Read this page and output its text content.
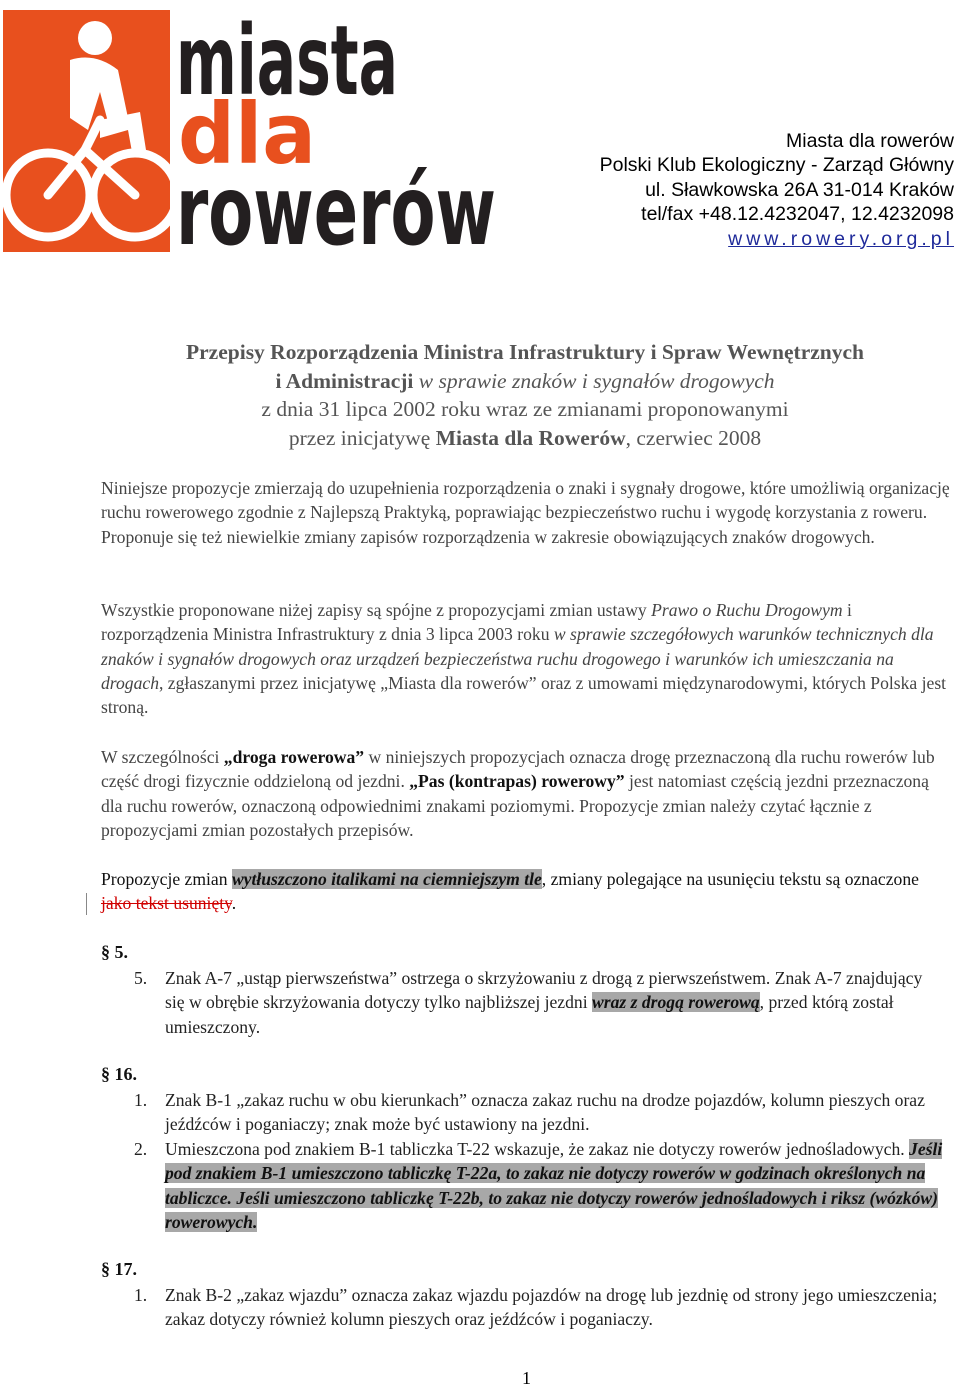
miasta
dla
rowerów
Miasta dla rowerów
Polski Klub Ekologiczny - Zarząd Główny
ul. Sławkowska 26A 31-014 Kraków
tel/fax +48.12.4232047, 12.4232098
www.rowery.org.pl
Przepisy Rozporządzenia Ministra Infrastruktury i Spraw Wewnętrznych
i Administracji w sprawie znaków i sygnałów drogowych
z dnia 31 lipca 2002 roku wraz ze zmianami proponowanymi
przez inicjatywę Miasta dla Rowerów, czerwiec 2008
Niniejsze propozycje zmierzają do uzupełnienia rozporządzenia o znaki i sygnały drogowe, które umożliwią organizację ruchu rowerowego zgodnie z Najlepszą Praktyką, poprawiając bezpieczeństwo ruchu i wygodę korzystania z roweru. Proponuje się też niewielkie zmiany zapisów rozporządzenia w zakresie obowiązujących znaków drogowych.
Wszystkie proponowane niżej zapisy są spójne z propozycjami zmian ustawy Prawo o Ruchu Drogowym i rozporządzenia Ministra Infrastruktury z dnia 3 lipca 2003 roku w sprawie szczegółowych warunków technicznych dla znaków i sygnałów drogowych oraz urządzeń bezpieczeństwa ruchu drogowego i warunków ich umieszczania na drogach, zgłaszanymi przez inicjatywę „Miasta dla rowerów” oraz z umowami międzynarodowymi, których Polska jest stroną.
W szczególności „droga rowerowa” w niniejszych propozycjach oznacza drogę przeznaczoną dla ruchu rowerów lub część drogi fizycznie oddzieloną od jezdni. „Pas (kontrapas) rowerowy” jest natomiast częścią jezdni przeznaczoną dla ruchu rowerów, oznaczoną odpowiednimi znakami poziomymi. Propozycje zmian należy czytać łącznie z propozycjami zmian pozostałych przepisów.
Propozycje zmian wytłuszczono italikami na ciemniejszym tle, zmiany polegające na usunięciu tekstu są oznaczone jako tekst usunięty.
§ 5.
5. Znak A-7 „ustąp pierwszeństwa” ostrzega o skrzyżowaniu z drogą z pierwszeństwem. Znak A-7 znajdujący się w obrębie skrzyżowania dotyczy tylko najbliższej jezdni wraz z drogą rowerową, przed którą został umieszczony.
§ 16.
1. Znak B-1 „zakaz ruchu w obu kierunkach” oznacza zakaz ruchu na drodze pojazdów, kolumn pieszych oraz jeźdźców i poganiaczy; znak może być ustawiony na jezdni.
2. Umieszczona pod znakiem B-1 tabliczka T-22 wskazuje, że zakaz nie dotyczy rowerów jednośladowych. Jeśli pod znakiem B-1 umieszczono tabliczkę T-22a, to zakaz nie dotyczy rowerów w godzinach określonych na tabliczce. Jeśli umieszczono tabliczkę T-22b, to zakaz nie dotyczy rowerów jednośladowych i riksz (wózków) rowerowych.
§ 17.
1. Znak B-2 „zakaz wjazdu” oznacza zakaz wjazdu pojazdów na drogę lub jezdnię od strony jego umieszczenia; zakaz dotyczy również kolumn pieszych oraz jeźdźców i poganiaczy.
1
